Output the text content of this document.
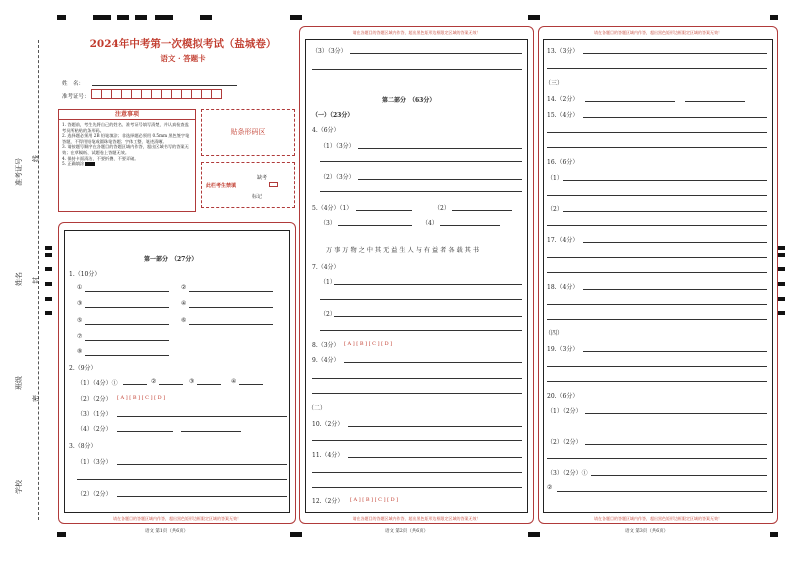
准考证号 线
姓名 封
班级
密
学校
2024年中考第一次模拟考试（盐城卷）
语文 · 答题卡
姓　名：
准考证号：
注意事项
1. 答题前，考生先将自己的姓名、准考证号填写清楚，并认真检查监考员所粘贴的条形码。
2. 选择题必须用 2B 铅笔填涂；非选择题必须用 0.5mm 黑色签字笔答题，不得用铅笔或圆珠笔答题；字体工整、笔迹清晰。
3. 请按题号顺序在各题目的答题区域内作答，超出区域书写的答案无效；在草稿纸、试题卷上答题无效。
4. 保持卡面清洁，不要折叠、不要弄破。
5. 正确填涂
贴条形码区
此栏考生禁填
缺考
标记
第一部分　（27分）
1.（10分）
①	②
③	④
⑤	⑥
⑦
⑧
2.（9分）
（1）（4分）①	②	③	④
（2）（2分） [ A ] [ B ] [ C ] [ D ]
（3）（1分）
（4）（2分）
3.（8分）
（1）（3分）
（2）（2分）
请在各题目的答题区域内作答，超出黑色矩形边框限定区域的答案无效！
语文 第1页（共6页）
请在各题目的答题区域内作答，超出黑色矩形边框限定区域的答案无效！
（3）（3分）
第二部分　（63分）
（一）（23分）
4.（6分）
（1）（3分）
（2）（3分）
5.（4分）（1）	（2）
（3）	（4）
万 事 万 物 之 中 其 无 益 生 人 与 有 益 者 各 载 其 书
7.（4分）
（1）
（2）
8.（3分） [ A ] [ B ] [ C ] [ D ]
9.（4分）
（二）
10.（2分）
11.（4分）
12.（2分） [ A ] [ B ] [ C ] [ D ]
请在各题目的答题区域内作答，超出黑色矩形边框限定区域的答案无效！
语文 第2页（共6页）
请在各题目的答题区域内作答，超出黑色矩形边框限定区域的答案无效！
13.（3分）
（三）
14.（2分）
15.（4分）
16.（6分）
（1）
（2）
17.（4分）
18.（4分）
（四）
19.（3分）
20.（6分）
（1）（2分）
（2）（2分）
（3）（2分）①
②
请在各题目的答题区域内作答，超出黑色矩形边框限定区域的答案无效！
语文 第3页（共6页）
